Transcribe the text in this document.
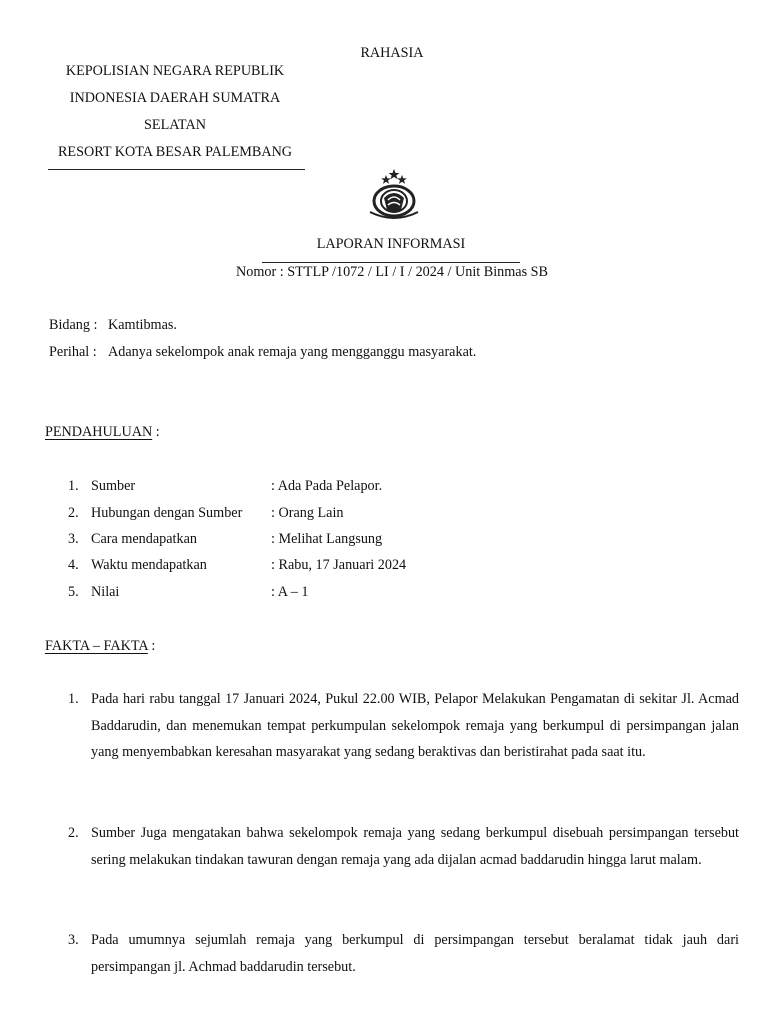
RAHASIA
KEPOLISIAN NEGARA REPUBLIK
INDONESIA DAERAH SUMATRA
SELATAN
RESORT KOTA BESAR PALEMBANG
LAPORAN INFORMASI
Nomor : STTLP /1072 / LI / I / 2024 / Unit Binmas SB
Bidang : Kamtibmas.
Perihal : Adanya sekelompok anak remaja yang mengganggu masyarakat.
PENDAHULUAN :
1. Sumber	: Ada Pada Pelapor.
2. Hubungan dengan Sumber : Orang Lain
3. Cara mendapatkan	: Melihat Langsung
4. Waktu mendapatkan	: Rabu, 17 Januari 2024
5. Nilai	: A – 1
FAKTA – FAKTA :
1. Pada hari rabu tanggal 17 Januari 2024, Pukul 22.00 WIB, Pelapor Melakukan Pengamatan di sekitar Jl. Acmad Baddarudin, dan menemukan tempat perkumpulan sekelompok remaja yang berkumpul di persimpangan jalan yang menyembabkan keresahan masyarakat yang sedang beraktivas dan beristirahat pada saat itu.
2. Sumber Juga mengatakan bahwa sekelompok remaja yang sedang berkumpul disebuah persimpangan tersebut sering melakukan tindakan tawuran dengan remaja yang ada dijalan acmad baddarudin hingga larut malam.
3. Pada umumnya sejumlah remaja yang berkumpul di persimpangan tersebut beralamat tidak jauh dari persimpangan jl. Achmad baddarudin tersebut.
